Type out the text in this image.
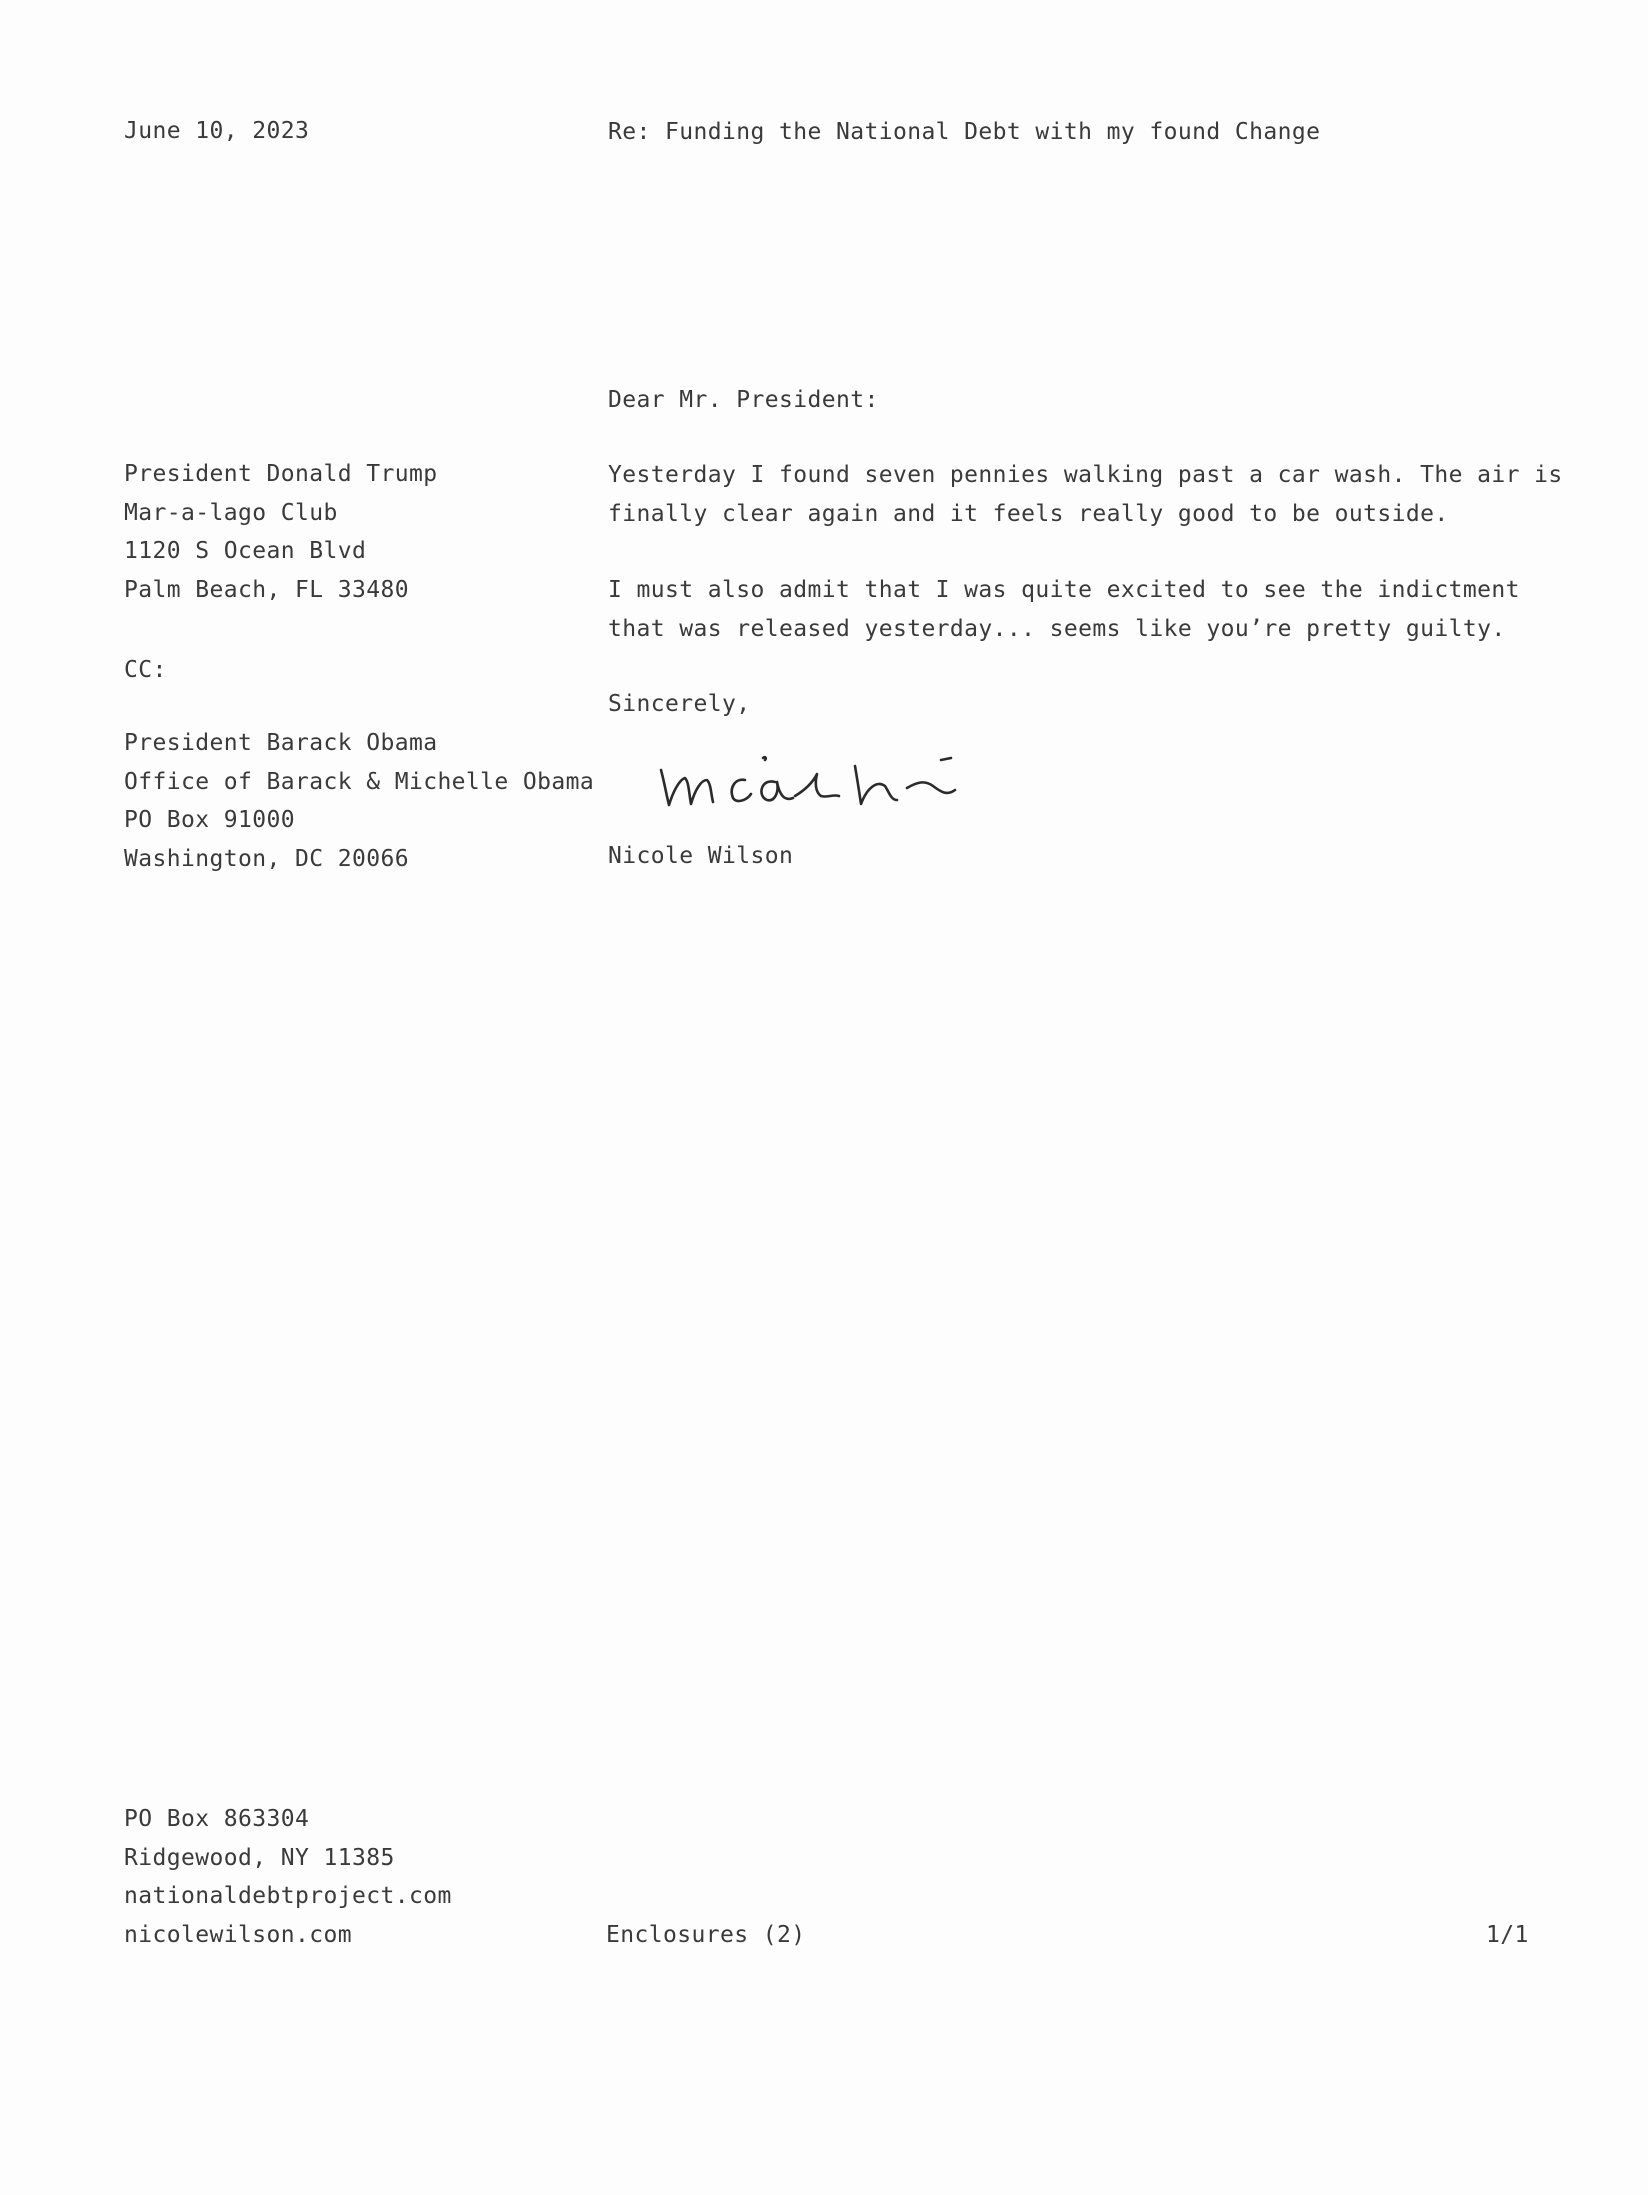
June 10, 2023	Re: Funding the National Debt with my found Change
Dear Mr. President:
President Donald Trump
Mar-a-lago Club
1120 S Ocean Blvd
Palm Beach, FL 33480
CC:
President Barack Obama
Office of Barack & Michelle Obama
PO Box 91000
Washington, DC 20066
Yesterday I found seven pennies walking past a car wash. The air is
finally clear again and it feels really good to be outside.
I must also admit that I was quite excited to see the indictment
that was released yesterday... seems like you’re pretty guilty.
Sincerely,
Nicole Wilson
PO Box 863304
Ridgewood, NY 11385
nationaldebtproject.com
nicolewilson.com	Enclosures (2)	1/1
